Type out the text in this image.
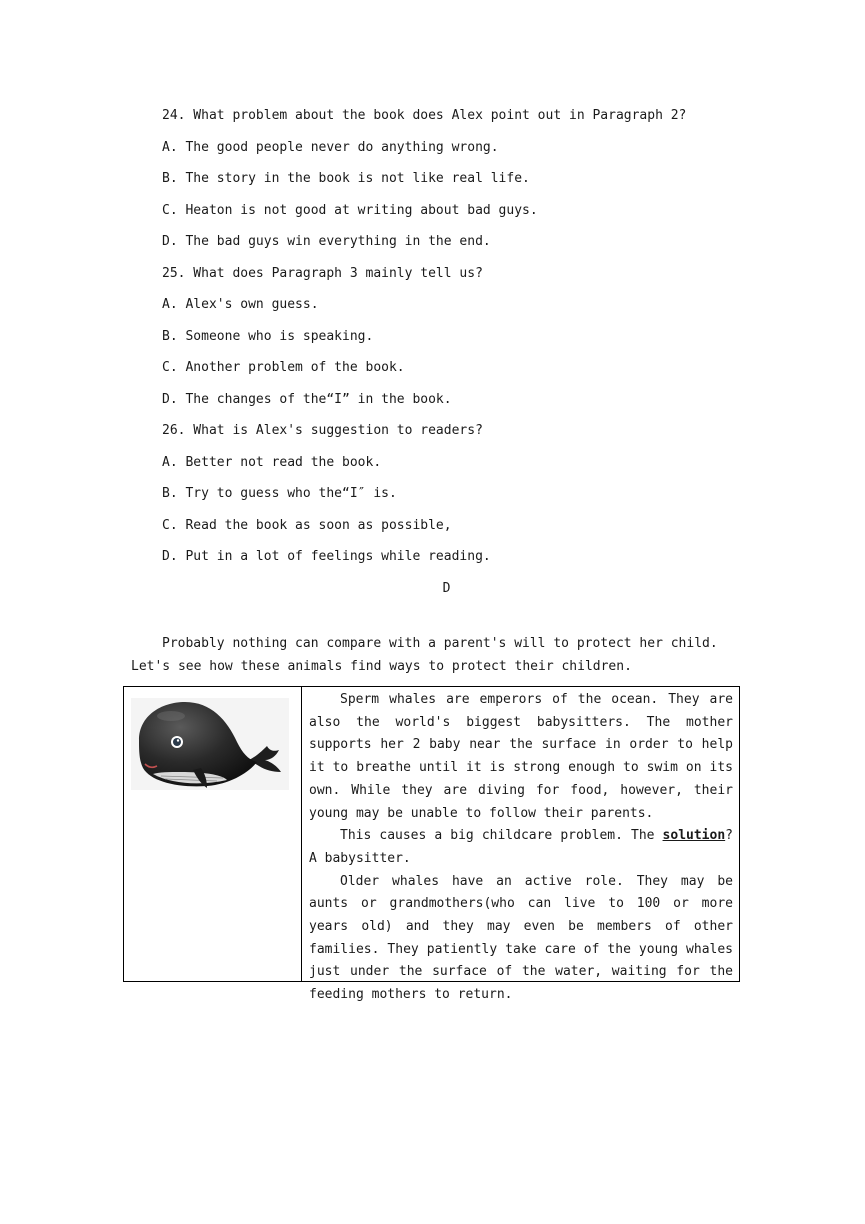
24. What problem about the book does Alex point out in Paragraph 2?
A. The good people never do anything wrong.
B. The story in the book is not like real life.
C. Heaton is not good at writing about bad guys.
D. The bad guys win everything in the end.
25. What does Paragraph 3 mainly tell us?
A. Alex's own guess.
B. Someone who is speaking.
C. Another problem of the book.
D. The changes of the“I” in the book.
26. What is Alex's suggestion to readers?
A. Better not read the book.
B. Try to guess who the“I″ is.
C. Read the book as soon as possible,
D. Put in a lot of feelings while reading.
D
Probably nothing can compare with a parent's will to protect her child. Let's see how these animals find ways to protect their children.

Sperm whales are emperors of the ocean. They are also the world's biggest babysitters. The mother supports her 2 baby near the surface in order to help it to breathe until it is strong enough to swim on its own. While they are diving for food, however, their young may be unable to follow their parents.

This causes a big childcare problem. The solution? A babysitter.

Older whales have an active role. They may be aunts or grandmothers(who can live to 100 or more years old) and they may even be members of other families. They patiently take care of the young whales just under the surface of the water, waiting for the feeding mothers to return.
